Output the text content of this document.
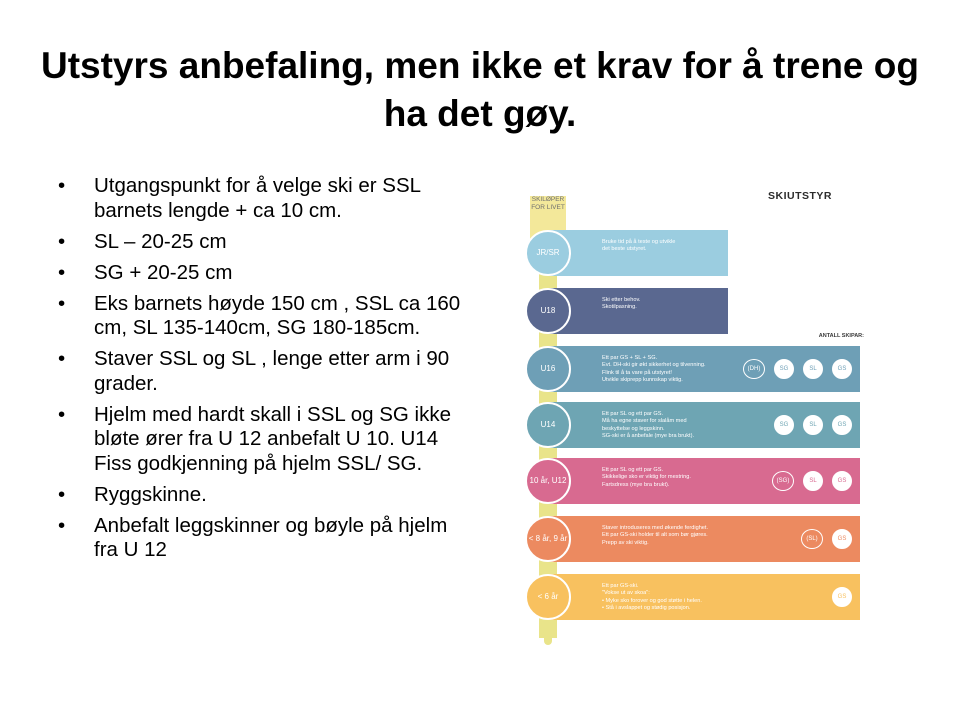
Utstyrs anbefaling, men ikke et krav for å trene og ha det gøy.
• Utgangspunkt for å velge ski er SSL barnets lengde + ca 10 cm.
• SL – 20-25 cm
• SG + 20-25 cm
• Eks barnets høyde 150 cm , SSL ca 160 cm, SL 135-140cm, SG 180-185cm.
• Staver SSL og SL , lenge etter arm i 90 grader.
• Hjelm med hardt skall i SSL og SG ikke bløte ører fra U 12 anbefalt U 10. U14 Fiss godkjenning på hjelm SSL/ SG.
• Ryggskinne.
• Anbefalt leggskinner og bøyle på hjelm fra U 12
SKILØPER
FOR LIVET
SKIUTSTYR
ANTALL SKIPAR:
Bruke tid på å teste og utvikle
det beste utstyret.
JR/SR
Ski etter behov.
Skotilpasning.
U18
Ett par GS + SL + SG.
Evt. DH-ski gir økt sikkerhet og tilvenning.
Flink til å ta vare på utstyret!
Utvikle skiprepp kunnskap viktig.
(DH)	SG	SL	GS
U16
Ett par SL og ett par GS.
Må ha egne staver for slalåm med
beskyttelse og leggskinn.
SG-ski er å anbefale (mye bra brukt).
SG	SL	GS
U14
Ett par SL og ett par GS.
Skikkelige sko er viktig for mestring.
Fartsdress (mye bra brukt).
(SG)	SL	GS
10 år, U12
Staver introduseres med økende ferdighet.
Ett par GS-ski holder til alt som bør gjøres.
Prepp av ski viktig.
(SL)	GS
< 8 år, 9 år
Ett par GS-ski.
"Vokse ut av skoa":
• Myke sko forover og god støtte i helen.
• Stå i avslappet og stødig posisjon.
GS
< 6 år
